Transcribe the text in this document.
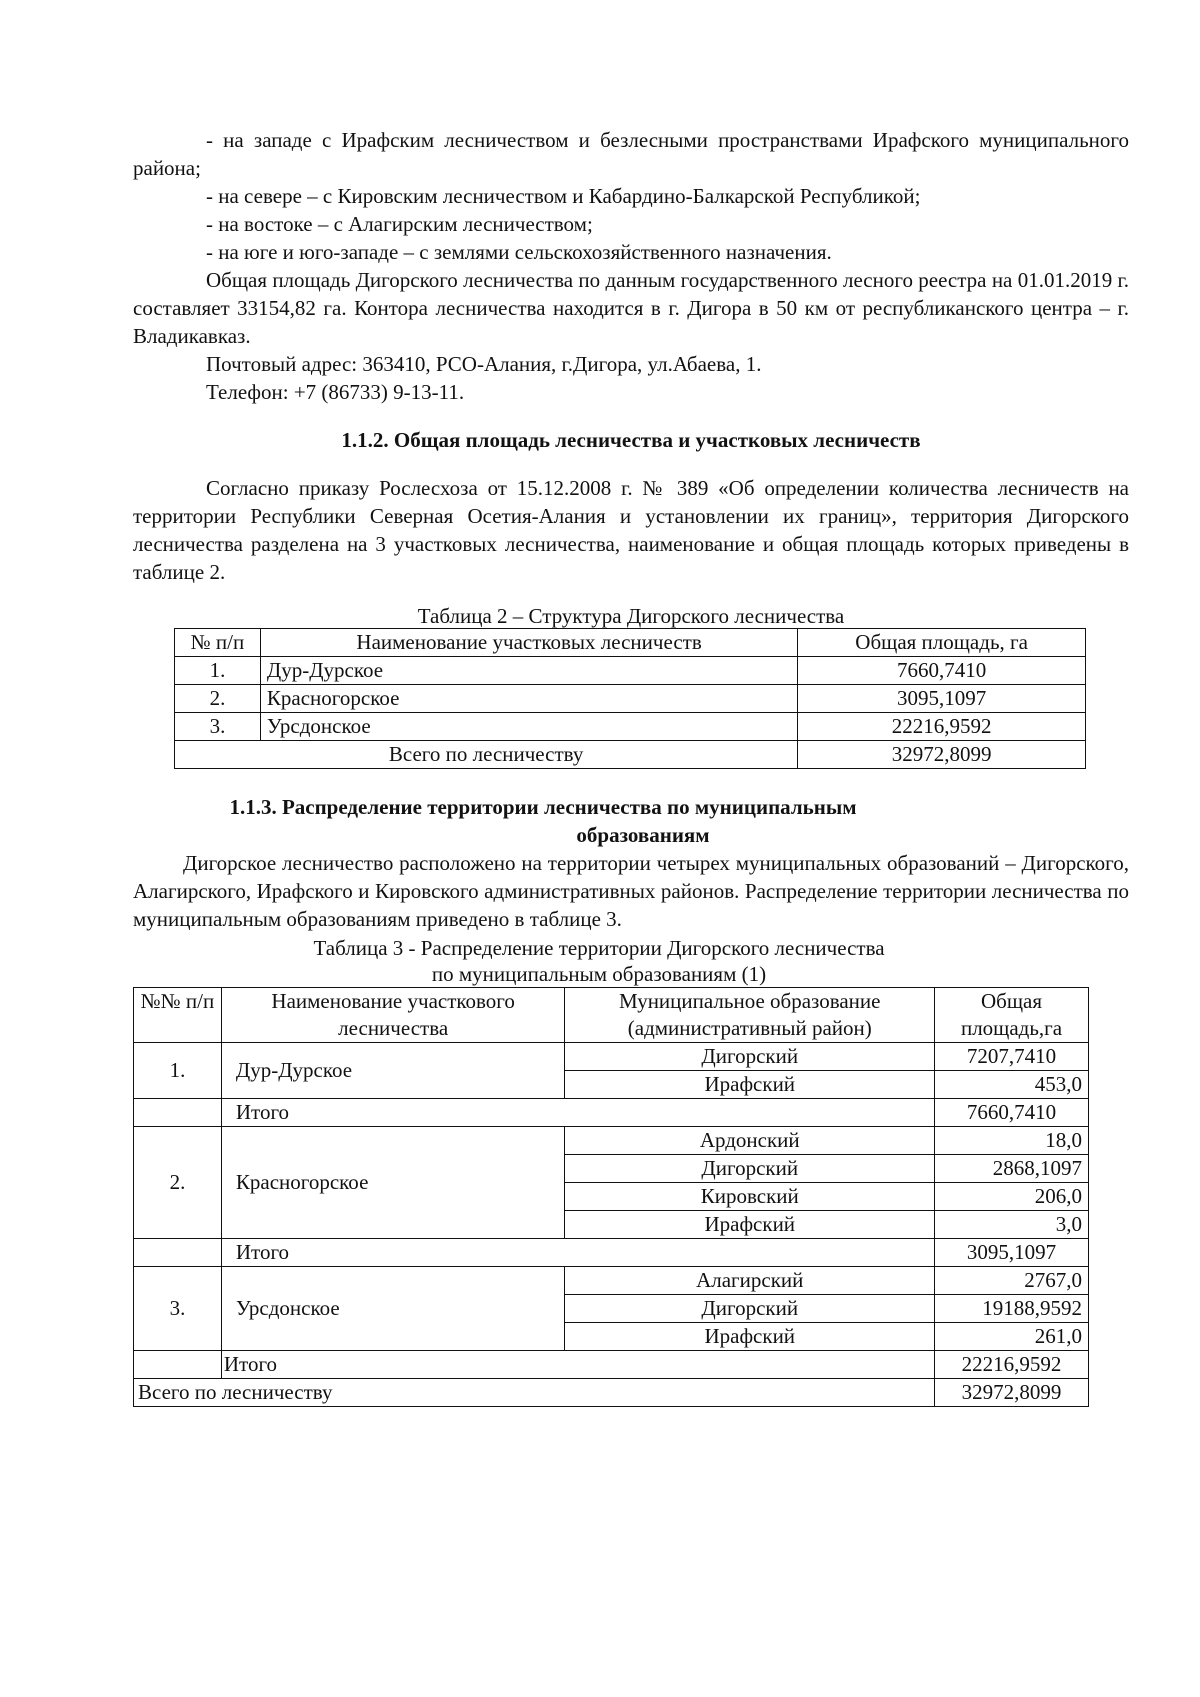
- на западе с Ирафским лесничеством и безлесными пространствами Ирафского муниципального района;

- на севере – с Кировским лесничеством и Кабардино-Балкарской Республикой;

- на востоке – с Алагирским лесничеством;

- на юге и юго-западе – с землями сельскохозяйственного назначения.

Общая площадь Дигорского лесничества по данным государственного лесного реестра на 01.01.2019 г. составляет 33154,82 га. Контора лесничества находится в г. Дигора в 50 км от республиканского центра – г. Владикавказ.

Почтовый адрес: 363410, РСО-Алания, г.Дигора, ул.Абаева, 1.

Телефон: +7 (86733) 9-13-11.

1.1.2. Общая площадь лесничества и участковых лесничеств

Согласно приказу Рослесхоза от 15.12.2008 г. № 389 «Об определении количества лесничеств на территории Республики Северная Осетия-Алания и установлении их границ», территория Дигорского лесничества разделена на 3 участковых лесничества, наименование и общая площадь которых приведены в таблице 2.

Таблица 2 – Структура Дигорского лесничества

№ п/п	Наименование участковых лесничеств	Общая площадь, га
1.	Дур-Дурское	7660,7410
2.	Красногорское	3095,1097
3.	Урсдонское	22216,9592
Всего по лесничеству		32972,8099
1.1.3. Распределение территории лесничества по муниципальным
образованиям

Дигорское лесничество расположено на территории четырех муниципальных образований – Дигорского, Алагирского, Ирафского и Кировского административных районов. Распределение территории лесничества по муниципальным образованиям приведено в таблице 3.

Таблица 3 - Распределение территории Дигорского лесничества

по муниципальным образованиям (1)

№№ п/п	Наименование участкового лесничества	Муниципальное образование (административный район)	Общая площадь,га
1.	Дур-Дурское	Дигорский	7207,7410
		Ирафский	453,0
	Итого		7660,7410
2.	Красногорское	Ардонский	18,0
		Дигорский	2868,1097
		Кировский	206,0
		Ирафский	3,0
	Итого		3095,1097
3.	Урсдонское	Алагирский	2767,0
		Дигорский	19188,9592
		Ирафский	261,0
	Итого		22216,9592
Всего по лесничеству			32972,8099
